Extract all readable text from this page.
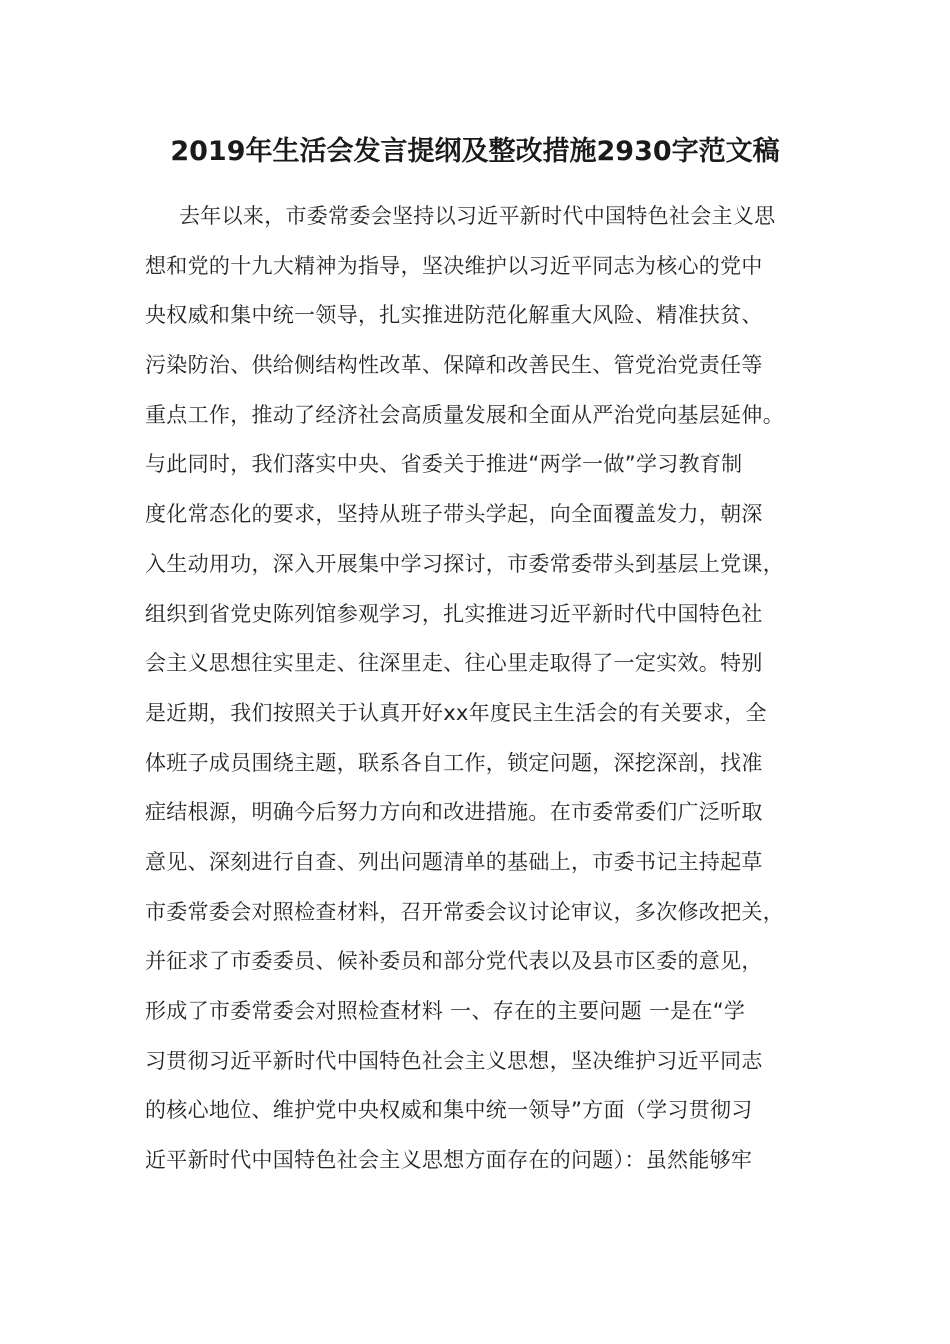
2019年生活会发言提纲及整改措施2930字范文稿
去年以来，市委常委会坚持以习近平新时代中国特色社会主义思
想和党的十九大精神为指导，坚决维护以习近平同志为核心的党中
央权威和集中统一领导，扎实推进防范化解重大风险、精准扶贫、
污染防治、供给侧结构性改革、保障和改善民生、管党治党责任等
重点工作，推动了经济社会高质量发展和全面从严治党向基层延伸。
与此同时，我们落实中央、省委关于推进“两学一做”学习教育制
度化常态化的要求，坚持从班子带头学起，向全面覆盖发力，朝深
入生动用功，深入开展集中学习探讨，市委常委带头到基层上党课，
组织到省党史陈列馆参观学习，扎实推进习近平新时代中国特色社
会主义思想往实里走、往深里走、往心里走取得了一定实效。特别
是近期，我们按照关于认真开好xx年度民主生活会的有关要求，全
体班子成员围绕主题，联系各自工作，锁定问题，深挖深剖，找准
症结根源，明确今后努力方向和改进措施。在市委常委们广泛听取
意见、深刻进行自查、列出问题清单的基础上，市委书记主持起草
市委常委会对照检查材料，召开常委会议讨论审议，多次修改把关，
并征求了市委委员、候补委员和部分党代表以及县市区委的意见，
形成了市委常委会对照检查材料 一、存在的主要问题 一是在“学
习贯彻习近平新时代中国特色社会主义思想，坚决维护习近平同志
的核心地位、维护党中央权威和集中统一领导”方面（学习贯彻习
近平新时代中国特色社会主义思想方面存在的问题）：虽然能够牢
